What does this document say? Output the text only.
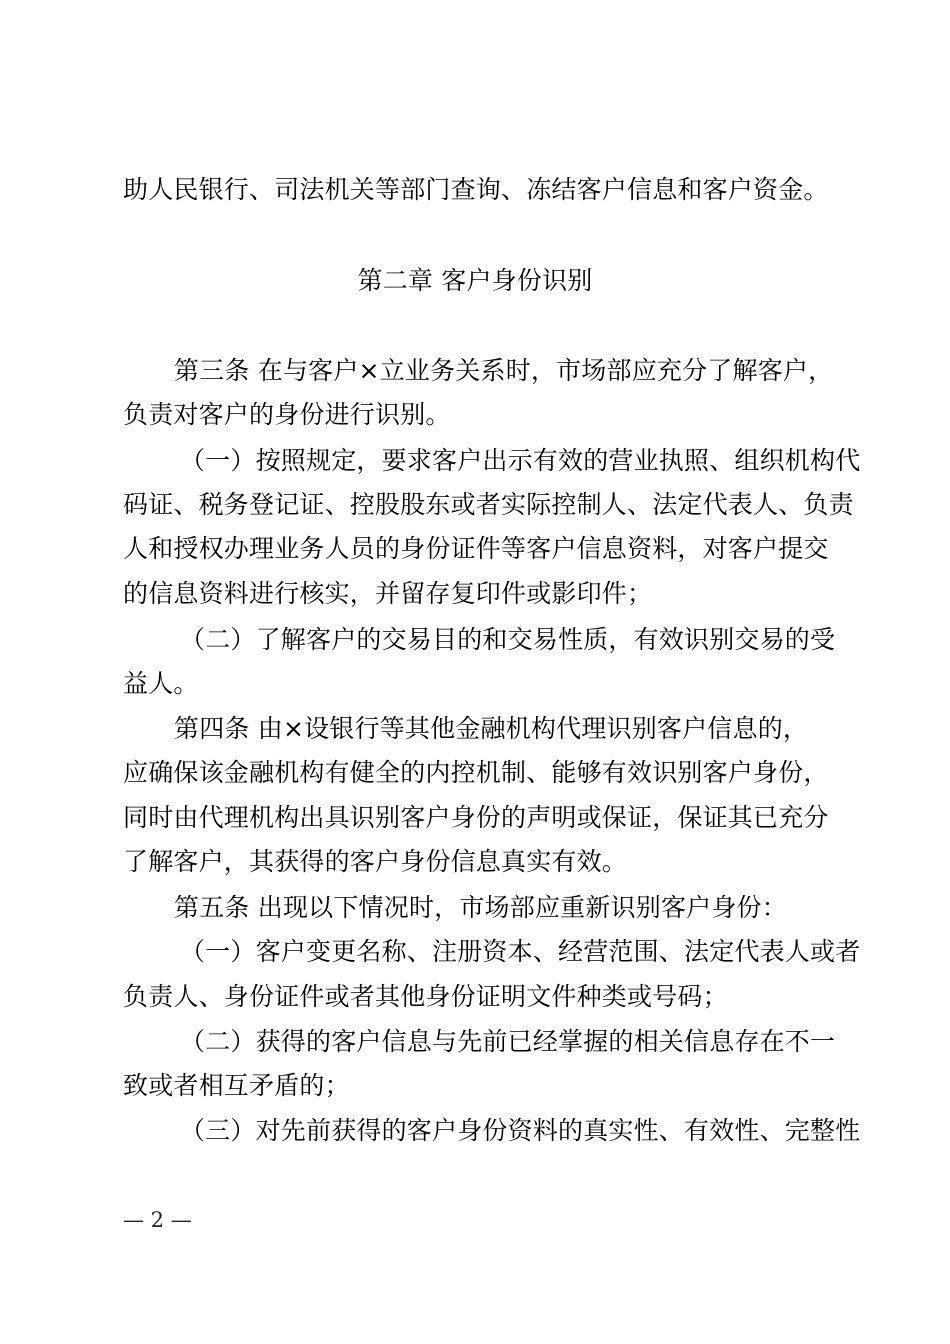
助人民银行、司法机关等部门查询、冻结客户信息和客户资金。
第二章 客户身份识别
第三条 在与客户×立业务关系时，市场部应充分了解客户，
负责对客户的身份进行识别。
（一）按照规定，要求客户出示有效的营业执照、组织机构代
码证、税务登记证、控股股东或者实际控制人、法定代表人、负责
人和授权办理业务人员的身份证件等客户信息资料，对客户提交
的信息资料进行核实，并留存复印件或影印件；
（二）了解客户的交易目的和交易性质，有效识别交易的受
益人。
第四条 由×设银行等其他金融机构代理识别客户信息的，
应确保该金融机构有健全的内控机制、能够有效识别客户身份，
同时由代理机构出具识别客户身份的声明或保证，保证其已充分
了解客户，其获得的客户身份信息真实有效。
第五条 出现以下情况时，市场部应重新识别客户身份：
（一）客户变更名称、注册资本、经营范围、法定代表人或者
负责人、身份证件或者其他身份证明文件种类或号码；
（二）获得的客户信息与先前已经掌握的相关信息存在不一
致或者相互矛盾的；
（三）对先前获得的客户身份资料的真实性、有效性、完整性
— 2 —
